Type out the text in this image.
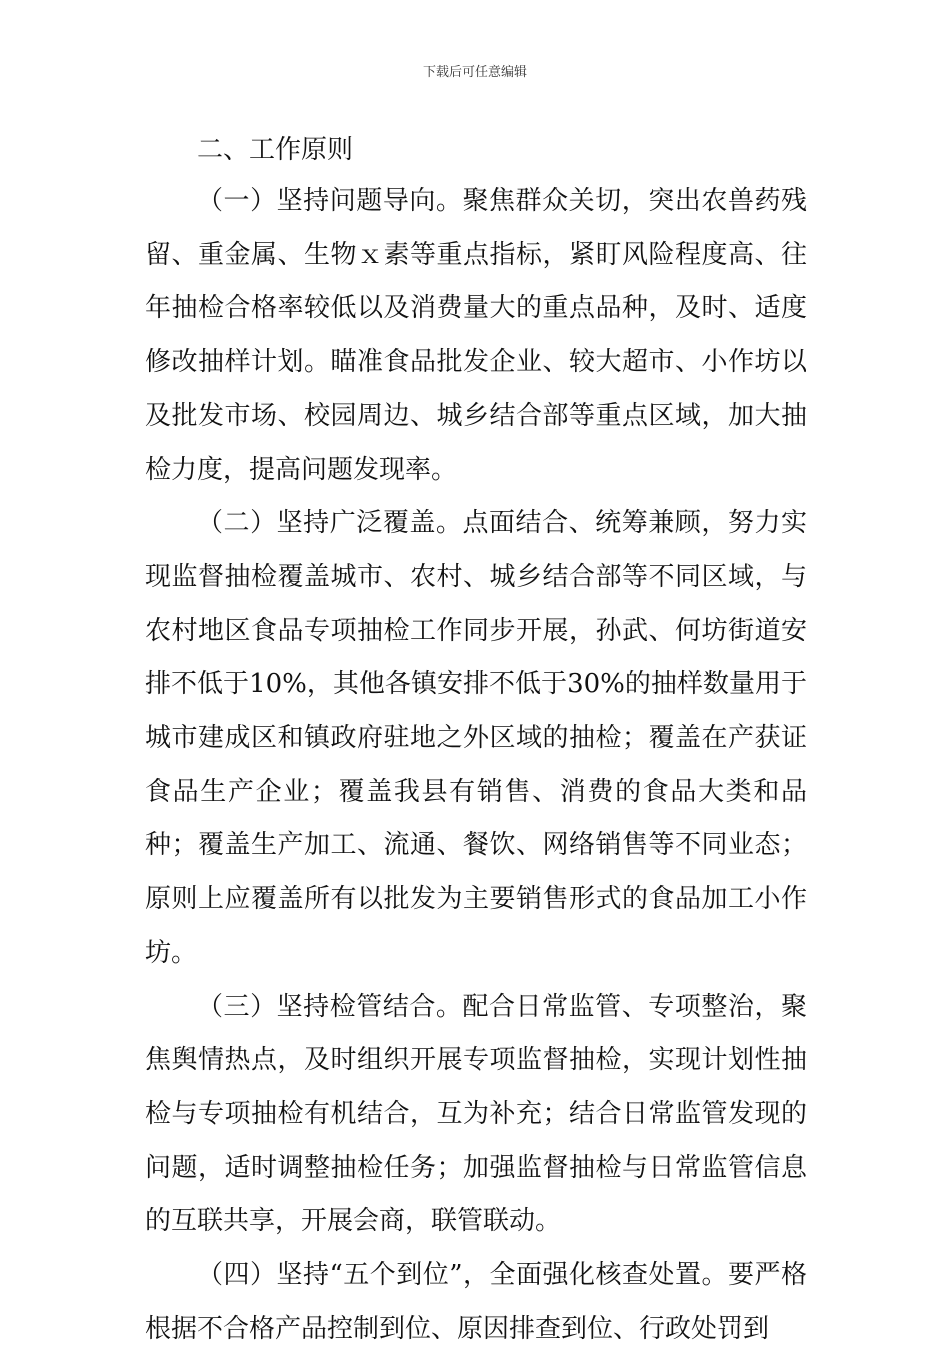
下载后可任意编辑
二、工作原则

（一）坚持问题导向。聚焦群众关切，突出农兽药残留、重金属、生物ｘ素等重点指标，紧盯风险程度高、往年抽检合格率较低以及消费量大的重点品种，及时、适度修改抽样计划。瞄准食品批发企业、较大超市、小作坊以及批发市场、校园周边、城乡结合部等重点区域，加大抽检力度，提高问题发现率。

（二）坚持广泛覆盖。点面结合、统筹兼顾，努力实现监督抽检覆盖城市、农村、城乡结合部等不同区域，与农村地区食品专项抽检工作同步开展，孙武、何坊街道安排不低于10%，其他各镇安排不低于30%的抽样数量用于城市建成区和镇政府驻地之外区域的抽检；覆盖在产获证食品生产企业；覆盖我县有销售、消费的食品大类和品种；覆盖生产加工、流通、餐饮、网络销售等不同业态；原则上应覆盖所有以批发为主要销售形式的食品加工小作坊。

（三）坚持检管结合。配合日常监管、专项整治，聚焦舆情热点，及时组织开展专项监督抽检，实现计划性抽检与专项抽检有机结合，互为补充；结合日常监管发现的问题，适时调整抽检任务；加强监督抽检与日常监管信息的互联共享，开展会商，联管联动。

（四）坚持“五个到位”，全面强化核查处置。要严格根据不合格产品控制到位、原因排查到位、行政处罚到
